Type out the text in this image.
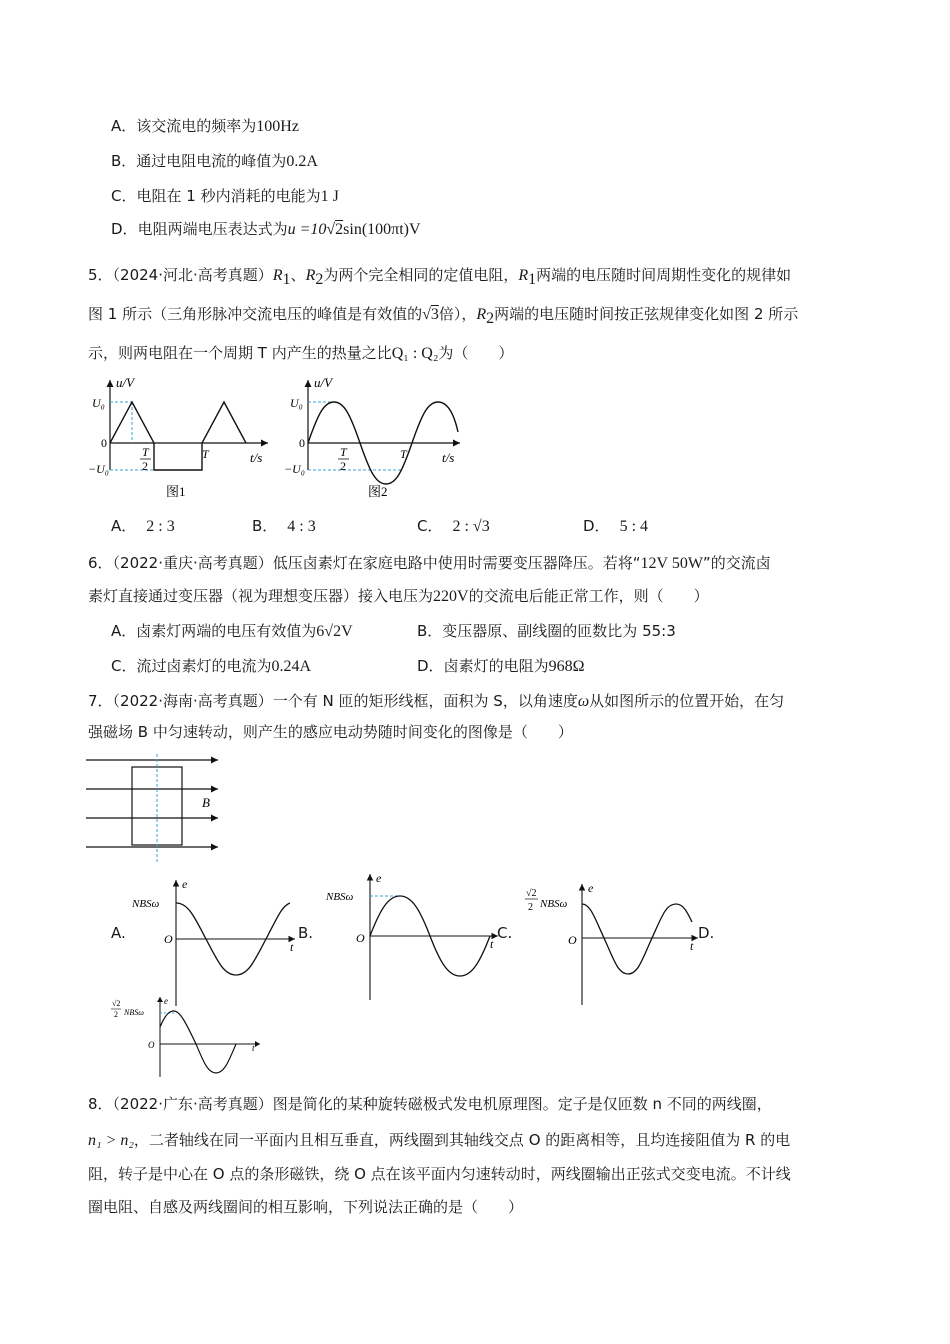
A．该交流电的频率为100Hz
B．通过电阻电流的峰值为0.2A
C．电阻在 1 秒内消耗的电能为1 J
D．电阻两端电压表达式为u =10√2sin(100πt)V
5．（2024·河北·高考真题）$R_1$、$R_2$为两个完全相同的定值电阻，$R_1$两端的电压随时间周期性变化的规律如
图 1 所示（三角形脉冲交流电压的峰值是有效值的√3倍），$R_2$两端的电压随时间按正弦规律变化如图 2 所示
示，则两电阻在一个周期 T 内产生的热量之比Q₁ : Q₂为（　　）
u/V
t/s
U₀
−U₀
0
T
2
T
图1
u/V
t/s
U₀
−U₀
0
T
2
T
图2
A． 2 : 3	B． 4 : 3	C． 2 : √3	D． 5 : 4
6．（2022·重庆·高考真题）低压卤素灯在家庭电路中使用时需要变压器降压。若将“12V 50W”的交流卤
素灯直接通过变压器（视为理想变压器）接入电压为220V的交流电后能正常工作，则（　　）
A．卤素灯两端的电压有效值为6√2V	B．变压器原、副线圈的匝数比为 55:3
C．流过卤素灯的电流为0.24A	D．卤素灯的电阻为968Ω
7．（2022·海南·高考真题）一个有 N 匝的矩形线框，面积为 S，以角速度ω从如图所示的位置开始，在匀
强磁场 B 中匀速转动，则产生的感应电动势随时间变化的图像是（　　）
B
A.
e
t
O
NBSω
B.
e
t
O
NBSω
C.
e
t
O
√2
2 NBSω
D.
e
t
O
√2
2 NBSω
8．（2022·广东·高考真题）图是简化的某种旋转磁极式发电机原理图。定子是仅匝数 n 不同的两线圈，
n₁ > n₂，二者轴线在同一平面内且相互垂直，两线圈到其轴线交点 O 的距离相等，且均连接阻值为 R 的电
阻，转子是中心在 O 点的条形磁铁，绕 O 点在该平面内匀速转动时，两线圈输出正弦式交变电流。不计线
圈电阻、自感及两线圈间的相互影响，下列说法正确的是（　　）
